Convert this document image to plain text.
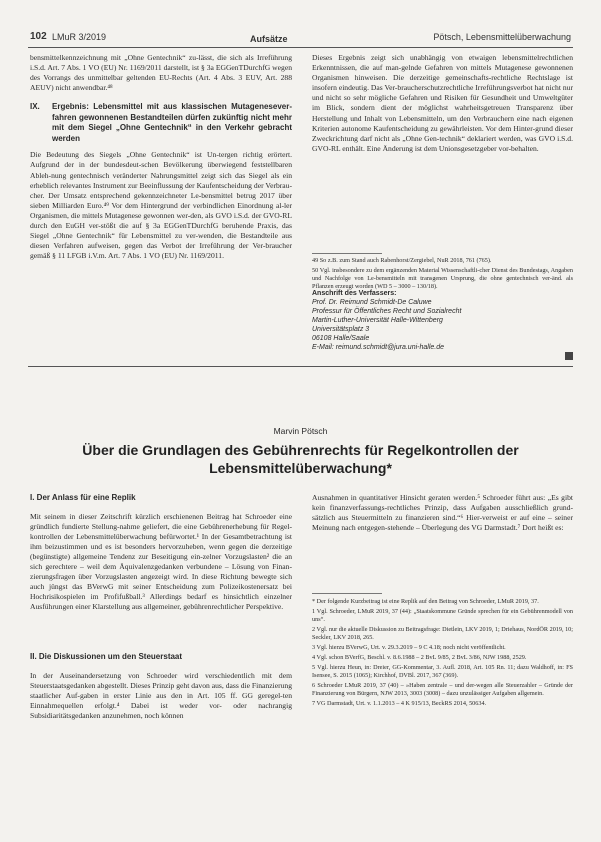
102 LMuR 3/2019	Aufsätze	Pötsch, Lebensmittelüberwachung

bensmittelkennzeichnung mit „Ohne Gentechnik“ zu-lässt, die sich als Irreführung i.S.d. Art. 7 Abs. 1 VO (EU) Nr. 1169/2011 darstellt, ist § 3a EGGenTDurchfG wegen des Vorrangs des unmittelbar geltenden EU-Rechts (Art. 4 Abs. 3 EUV, Art. 288 AEUV) nicht anwendbar.⁴⁸

IX.	Ergebnis: Lebensmittel mit aus klassischen Mutageneseverfahren gewonnenen Bestandteilen dürfen zukünftig nicht mehr mit dem Siegel „Ohne Gentechnik“ in den Verkehr gebracht werden

Die Bedeutung des Siegels „Ohne Gentechnik“ ist Un-tergen richtig erörtert. Aufgrund der in der bundesdeut-schen Bevölkerung überwiegend feststellbaren Ableh-nung gentechnisch veränderter Nahrungsmittel zeigt sich das Siegel als ein erheblich relevantes Instrument zur Beeinflussung der Kaufentscheidung der Verbrau-cher. Der Umsatz entsprechend gekennzeichneter Le-bensmittel betrug 2017 über sieben Milliarden Euro.⁴⁹ Vor dem Hintergrund der verbindlichen Einordnung al-ler Organismen, die mittels Mutagenese gewonnen wer-den, als GVO i.S.d. der GVO-RL durch den EuGH ver-stößt die auf § 3a EGGenTDurchfG beruhende Praxis, das Siegel „Ohne Gentechnik“ für Lebensmittel zu ver-wenden, die Bestandteile aus diesen Verfahren aufweisen, gegen das Verbot der Irreführung der Ver-braucher gemäß § 11 LFGB i.V.m. Art. 7 Abs. 1 VO (EU) Nr. 1169/2011.

Dieses Ergebnis zeigt sich unabhängig von etwaigen lebensmittelrechtlichen Erkenntnissen, die auf man-gelnde Gefahren von mittels Mutagenese gewonnenen Organismen hinweisen. Die derzeitige gemeinschafts-rechtliche Rechtslage ist insofern eindeutig. Das Ver-braucherschutzrechtliche Irreführungsverbot hat nicht nur und nicht so sehr mögliche Gefahren und Risiken für Gesundheit und Umweltgüter im Blick, sondern dient der möglichst wahrheitsgetreuen Transparenz über Herstellung und Inhalt von Lebensmitteln, um den Verbrauchern eine nach eigenen Kriterien autonome Kaufentscheidung zu gewährleisten. Vor dem Hinter-grund dieser Zweckrichtung darf nicht als „Ohne Gen-technik“ deklariert werden, was GVO i.S.d. GVO-RL enthält. Eine Änderung ist dem Unionsgesetzgeber vor-behalten.

49 So z.B. zum Stand auch Rabenhorst/Zergiebel, NuR 2018, 761 (765).
50 Vgl. insbesondere zu dem ergänzenden Material Wissenschaftli-cher Dienst des Bundestags, Angaben und Nachfolge von Le-bensmitteln mit transgenen Ursprung, die ohne gentechnisch ver-änd. als Pflanzen erzeugt worden (WD 5 – 3000 – 130/18).
Anschrift des Verfassers:
Prof. Dr. Reimund Schmidt-De Caluwe
Professur für Öffentliches Recht und Sozialrecht
Martin-Luther-Universität Halle-Wittenberg
Universitätsplatz 3
06108 Halle/Saale
E-Mail: reimund.schmidt@jura.uni-halle.de
Marvin Pötsch
Über die Grundlagen des Gebührenrechts für Regelkontrollen der Lebensmittelüberwachung*
I. Der Anlass für eine Replik

Mit seinem in dieser Zeitschrift kürzlich erschienenen Beitrag hat Schroeder eine gründlich fundierte Stellung-nahme geliefert, die eine Gebührenerhebung für Regel-kontrollen der Lebensmittelüberwachung befürwortet.¹ In der Gesamtbetrachtung ist ihm beizustimmen und es ist besonders hervorzuheben, wenn gegen die derzeitige (begünstigte) allgemeine Tendenz zur Beseitigung ein-zelner Vorzugslasten² die an sich gerechtere – weil dem Äquivalenzgedanken verbundene – Lösung von Finan-zierungsfragen über Vorzugslasten angezeigt wird. In diese Richtung bewegte sich auch jüngst das BVerwG mit seiner Entscheidung zum Polizeikostenersatz bei Hochrisikospielen im Profifußball.³ Allerdings bedarf es hinsichtlich einzelner Ausführungen einer Klarstellung aus allgemeiner, gebührenrechtlicher Perspektive.

II. Die Diskussionen um den Steuerstaat

In der Auseinandersetzung von Schroeder wird verschiedentlich mit dem Steuerstaatsgedanken abgestellt. Dieses Prinzip geht davon aus, dass die Finanzierung staatlicher Auf-gaben in erster Linie aus den in Art. 105 ff. GG geregel-ten Einnahmequellen erfolgt.⁴ Dabei ist weder vor- oder nachrangig Subsidiaritätsgedanken anzunehmen, noch können

Ausnahmen in quantitativer Hinsicht geraten werden.⁵ Schroeder führt aus: „Es gibt kein finanzverfassungs-rechtliches Prinzip, dass Aufgaben ausschließlich grund-sätzlich aus Steuermitteln zu finanzieren sind.“⁶ Hier-verweist er auf eine – seiner Meinung nach entgegen-stehende – Überlegung des VG Darmstadt.⁷ Dort heißt es:

* Der folgende Kurzbeitrag ist eine Replik auf den Beitrag von Schroeder, LMuR 2019, 37.
1 Vgl. Schroeder, LMuR 2019, 37 (44): „Staatskommune Gründe sprechen für ein Gebührenmodell von uns“.
2 Vgl. nur die aktuelle Diskussion zu Beitragsfrage: Dietlein, LKV 2019, 1; Driehaus, NordÖR 2019, 10; Seckler, LKV 2018, 265.
3 Vgl. hierzu BVerwG, Urt. v. 29.3.2019 – 9 C 4.18; noch nicht veröffentlicht.
4 Vgl. schon BVerfG, Beschl. v. 8.6.1988 – 2 BvL 9/85, 2 BvL 3/86, NJW 1988, 2529.
5 Vgl. hierzu Heun, in: Dreier, GG-Kommentar, 3. Aufl. 2018, Art. 105 Rn. 11; dazu Waldhoff, in: FS Isensee, S. 2015 (1065); Kirchhof, DVBl. 2017, 367 (369).
6 Schroeder LMuR 2019, 37 (40) – »Haben zentrale – und der-wegen alle Steuerzahler – Gründe der Finanzierung von Bürgern, NJW 2013, 3003 (3008) – dazu unzulässiger Aufgaben allgemein.
7 VG Darmstadt, Urt. v. 1.1.2013 – 4 K 915/13, BeckRS 2014, 50634.
